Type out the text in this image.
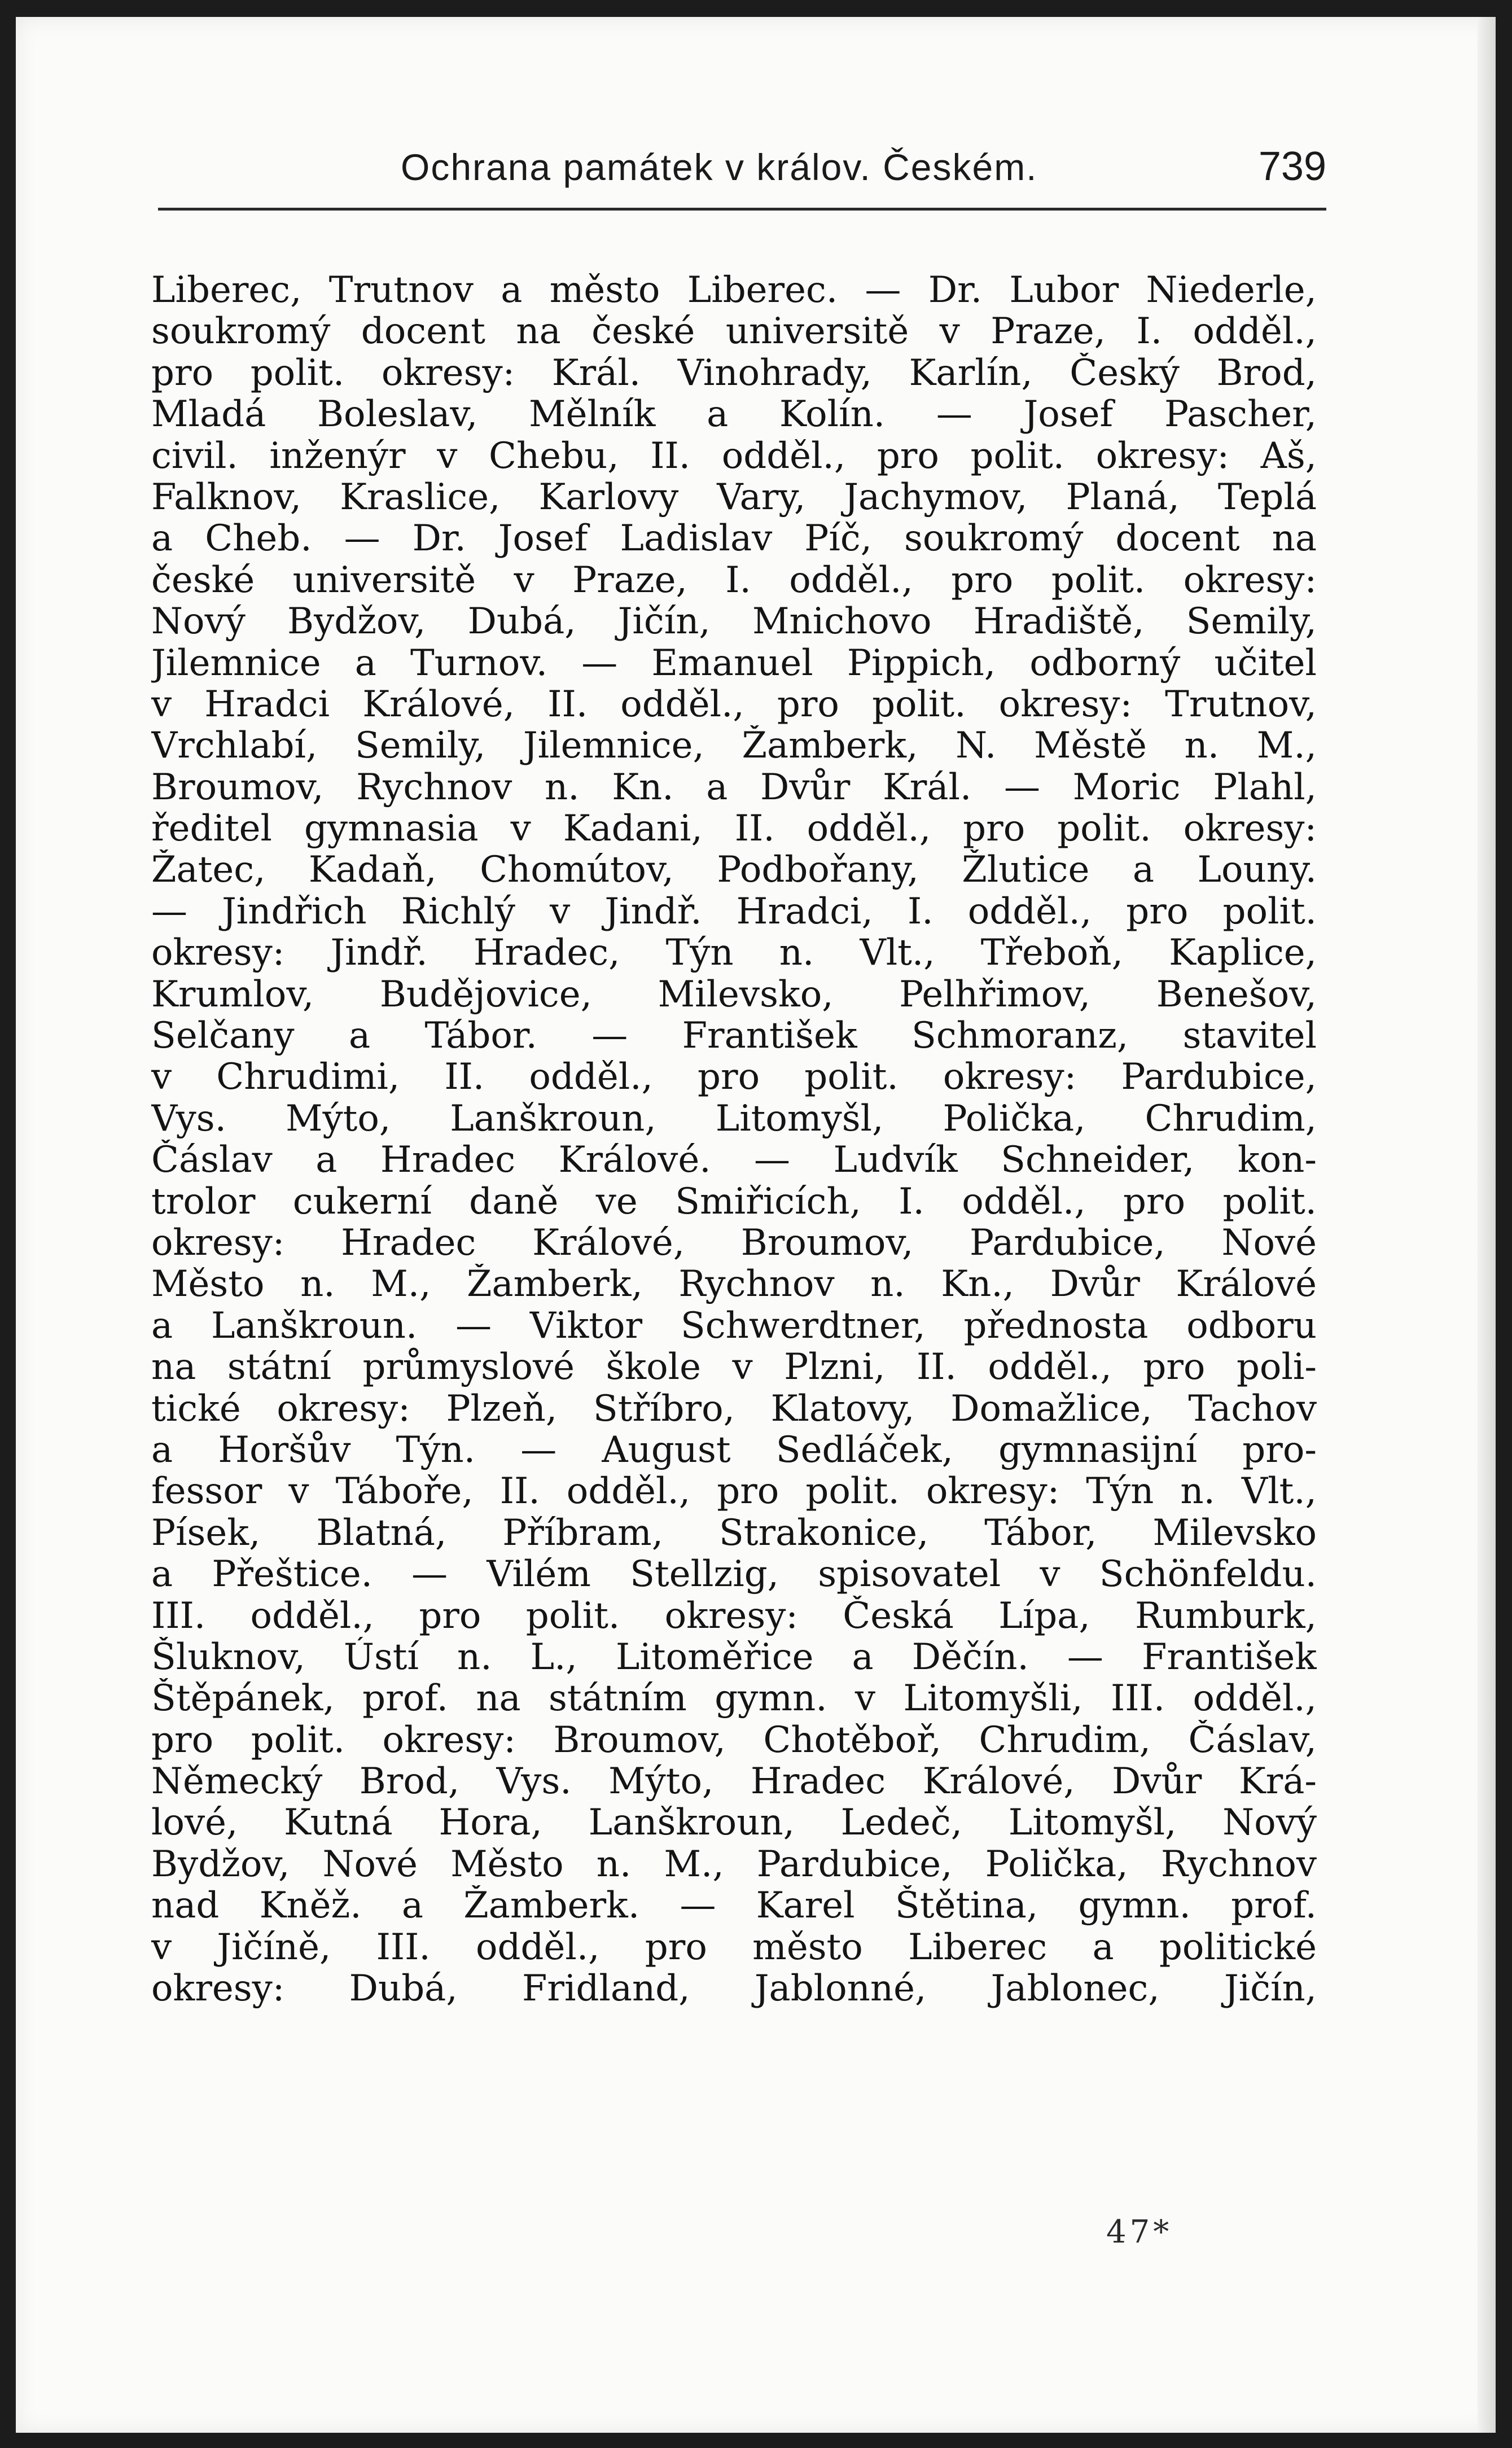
Ochrana památek v králov. Českém.	739
Liberec, Trutnov a město Liberec. — Dr. Lubor Niederle,
soukromý docent na české universitě v Praze, I. odděl.,
pro polit. okresy: Král. Vinohrady, Karlín, Český Brod,
Mladá Boleslav, Mělník a Kolín. — Josef Pascher,
civil. inženýr v Chebu, II. odděl., pro polit. okresy: Aš,
Falknov, Kraslice, Karlovy Vary, Jachymov, Planá, Teplá
a Cheb. — Dr. Josef Ladislav Píč, soukromý docent na
české universitě v Praze, I. odděl., pro polit. okresy:
Nový Bydžov, Dubá, Jičín, Mnichovo Hradiště, Semily,
Jilemnice a Turnov. — Emanuel Pippich, odborný učitel
v Hradci Králové, II. odděl., pro polit. okresy: Trutnov,
Vrchlabí, Semily, Jilemnice, Žamberk, N. Městě n. M.,
Broumov, Rychnov n. Kn. a Dvůr Král. — Moric Plahl,
ředitel gymnasia v Kadani, II. odděl., pro polit. okresy:
Žatec, Kadaň, Chomútov, Podbořany, Žlutice a Louny.
— Jindřich Richlý v Jindř. Hradci, I. odděl., pro polit.
okresy: Jindř. Hradec, Týn n. Vlt., Třeboň, Kaplice,
Krumlov, Budějovice, Milevsko, Pelhřimov, Benešov,
Selčany a Tábor. — František Schmoranz, stavitel
v Chrudimi, II. odděl., pro polit. okresy: Pardubice,
Vys. Mýto, Lanškroun, Litomyšl, Polička, Chrudim,
Čáslav a Hradec Králové. — Ludvík Schneider, kon-
trolor cukerní daně ve Smiřicích, I. odděl., pro polit.
okresy: Hradec Králové, Broumov, Pardubice, Nové
Město n. M., Žamberk, Rychnov n. Kn., Dvůr Králové
a Lanškroun. — Viktor Schwerdtner, přednosta odboru
na státní průmyslové škole v Plzni, II. odděl., pro poli-
tické okresy: Plzeň, Stříbro, Klatovy, Domažlice, Tachov
a Horšův Týn. — August Sedláček, gymnasijní pro-
fessor v Táboře, II. odděl., pro polit. okresy: Týn n. Vlt.,
Písek, Blatná, Příbram, Strakonice, Tábor, Milevsko
a Přeštice. — Vilém Stellzig, spisovatel v Schönfeldu.
III. odděl., pro polit. okresy: Česká Lípa, Rumburk,
Šluknov, Ústí n. L., Litoměřice a Děčín. — František
Štěpánek, prof. na státním gymn. v Litomyšli, III. odděl.,
pro polit. okresy: Broumov, Chotěboř, Chrudim, Čáslav,
Německý Brod, Vys. Mýto, Hradec Králové, Dvůr Krá-
lové, Kutná Hora, Lanškroun, Ledeč, Litomyšl, Nový
Bydžov, Nové Město n. M., Pardubice, Polička, Rychnov
nad Kněž. a Žamberk. — Karel Štětina, gymn. prof.
v Jičíně, III. odděl., pro město Liberec a politické
okresy: Dubá, Fridland, Jablonné, Jablonec, Jičín,
47*
